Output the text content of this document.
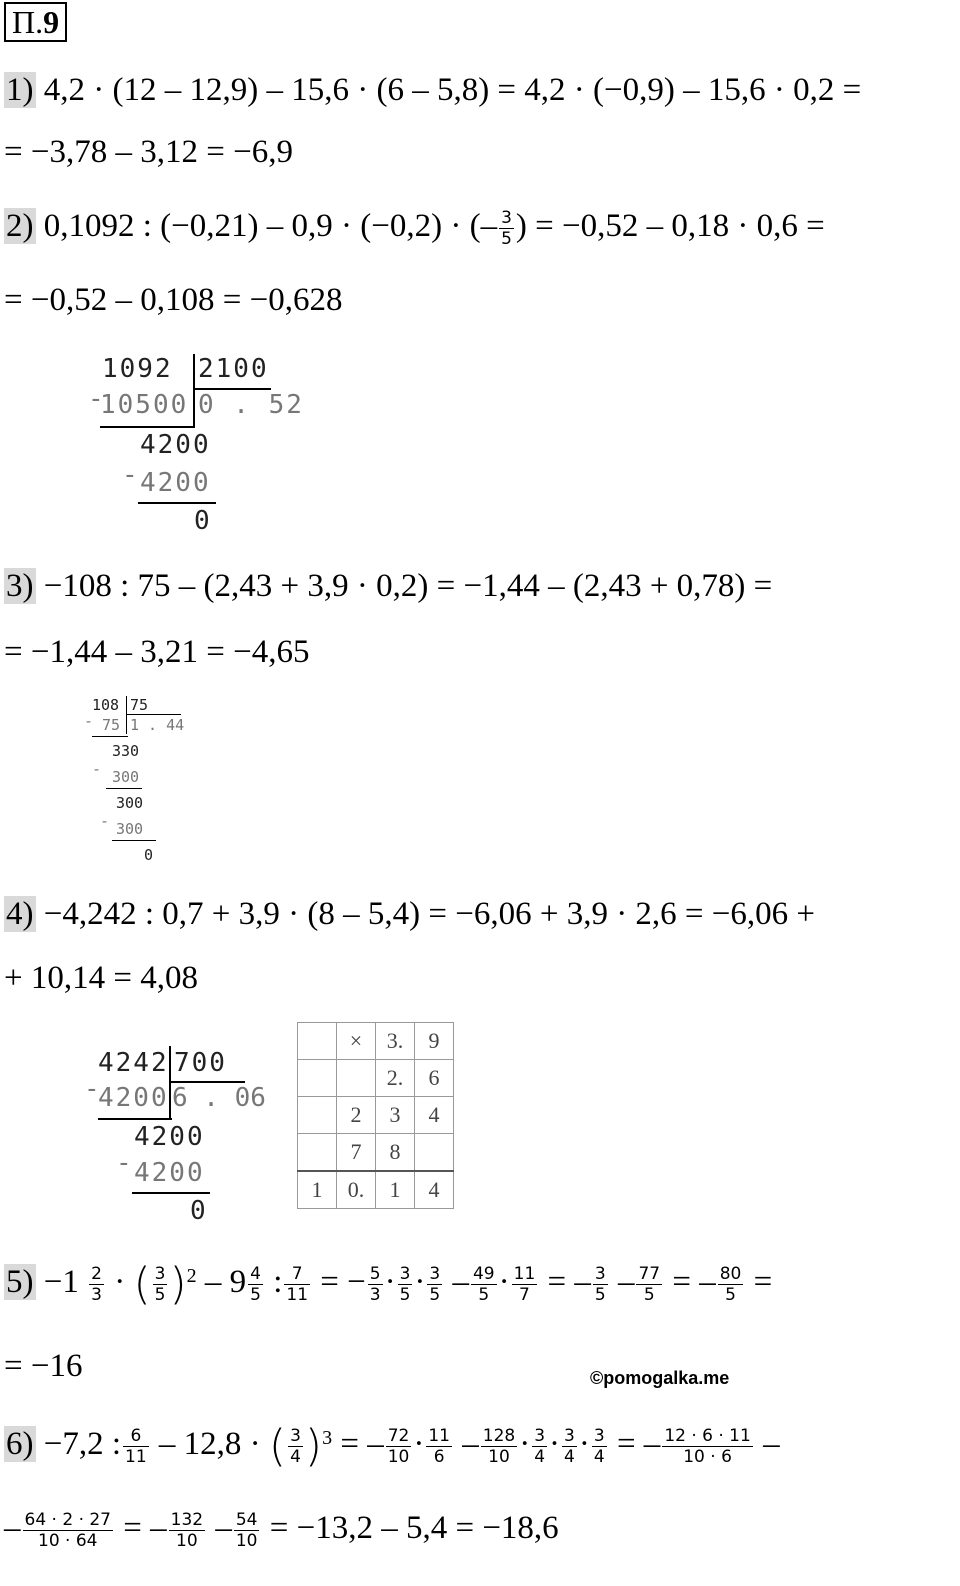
П.9
1) 4,2 · (12 – 12,9) – 15,6 · (6 – 5,8) = 4,2 · (−0,9) – 15,6 · 0,2 =
= −3,78 – 3,12 = −6,9
2) 0,1092 : (−0,21) – 0,9 · (−0,2) · (– $\frac{3}{5}$ ) = −0,52 – 0,18 · 0,6 =
= −0,52 – 0,108 = −0,628
1092 2100
-
10500 0 . 52
4200
- 4200
0
3) −108 : 75 – (2,43 + 3,9 · 0,2) = −1,44 – (2,43 + 0,78) =
= −1,44 – 3,21 = −4,65
108 75
- 75 1 . 44
330
- 300
300
- 300
0
4) −4,242 : 0,7 + 3,9 · (8 – 5,4) = −6,06 + 3,9 · 2,6 = −6,06 +
+ 10,14 = 4,08
4242 700
-
4200 6 . 06
4200
- 4200
0
	×	3.	9
		2.	6
	2	3	4
	7	8	
1	0.	1	4
$5) -1 \frac{2}{3}$ · ( $\frac{3}{5} )^2 - 9 \frac{4}{5}$ : $\frac{7}{11}$ = − $\frac{5}{3} \cdot \frac{3}{5} \cdot \frac{3}{5} - \frac{49}{5} \cdot \frac{11}{7}$ = – $\frac{3}{5} - \frac{77}{5}$ = – $\frac{80}{5}$ =
= −16	©pomogalka.me
6) −7,2 : $\frac{6}{11} - 12,8$ · ( $\frac{3}{4} )^3$ = – $\frac{72}{10} \cdot \frac{11}{6} - \frac{128}{10} \cdot \frac{3}{4} \cdot \frac{3}{4} \cdot \frac{3}{4}$ = – $\frac{12 \cdot 6 \cdot 11}{10 \cdot 6}$ –
– $\frac{64 \cdot 2 \cdot 27}{10 \cdot 64}$ = – $\frac{132}{10} - \frac{54}{10} = -13,2 - 5,4 = -18,6$
